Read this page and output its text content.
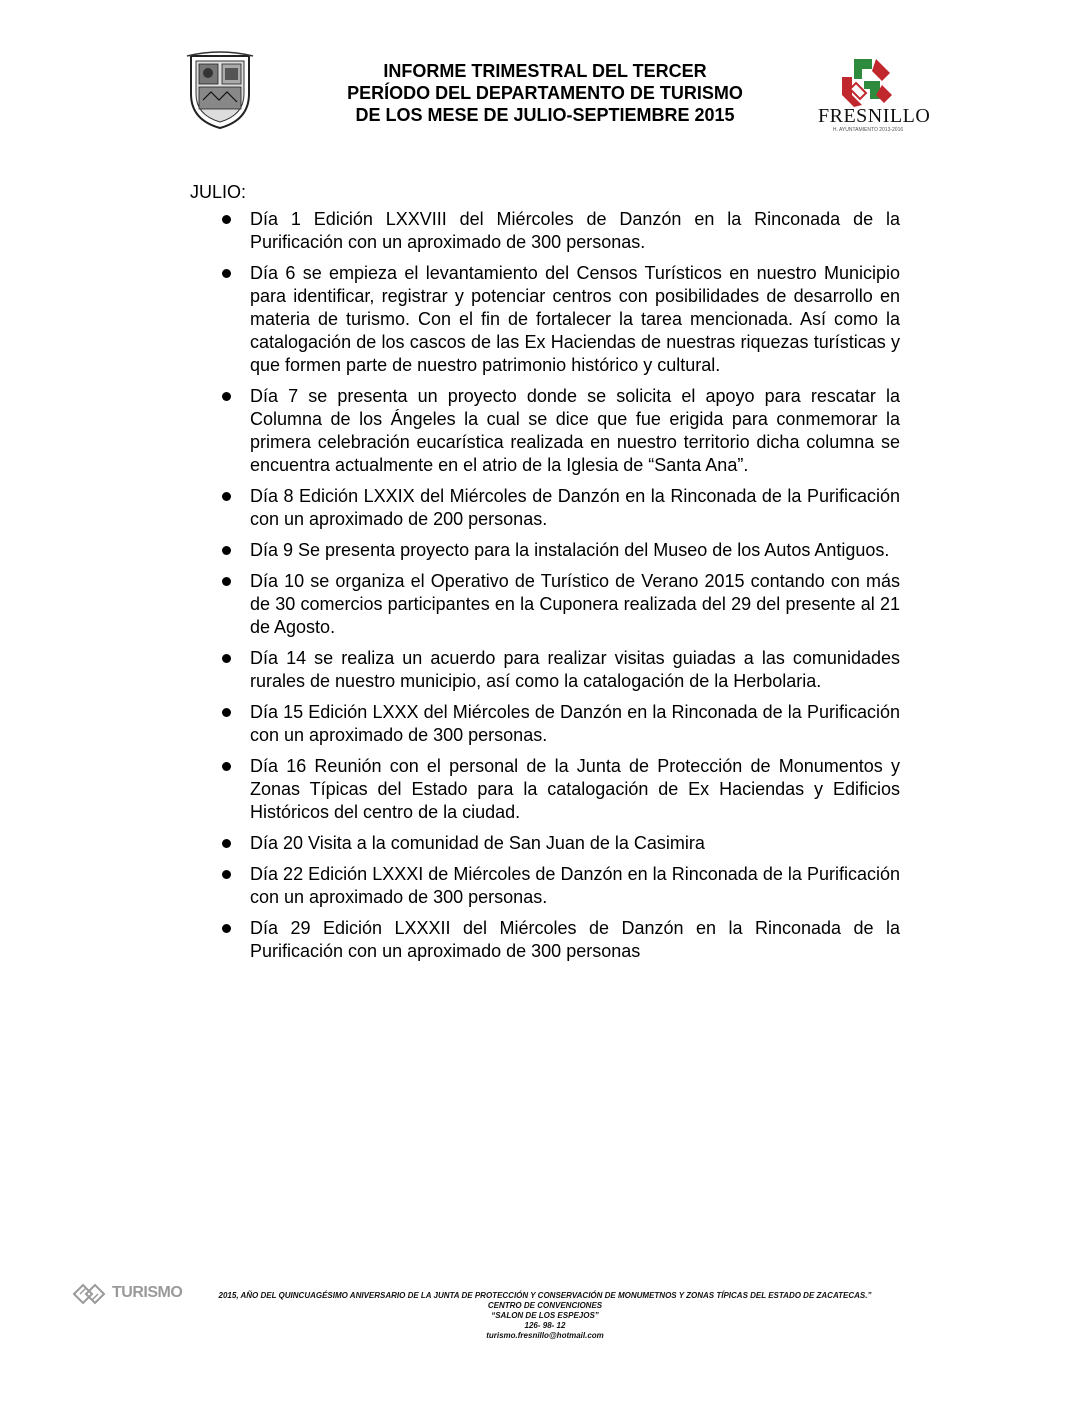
INFORME TRIMESTRAL DEL TERCER
PERÍODO DEL DEPARTAMENTO DE TURISMO
DE LOS MESE DE JULIO-SEPTIEMBRE 2015	FRESNILLO
H. AYUNTAMIENTO 2013-2016
JULIO:
Día 1 Edición LXXVIII del Miércoles de Danzón en la Rinconada de la Purificación con un aproximado de 300 personas.
Día 6 se empieza el levantamiento del Censos Turísticos en nuestro Municipio para identificar, registrar y potenciar centros con posibilidades de desarrollo en materia de turismo. Con el fin de fortalecer la tarea mencionada. Así como la catalogación de los cascos de las Ex Haciendas de nuestras riquezas turísticas y que formen parte de nuestro patrimonio histórico y cultural.
Día 7 se presenta un proyecto donde se solicita el apoyo para rescatar la Columna de los Ángeles la cual se dice que fue erigida para conmemorar la primera celebración eucarística realizada en nuestro territorio dicha columna se encuentra actualmente en el atrio de la Iglesia de “Santa Ana”.
Día 8 Edición LXXIX del Miércoles de Danzón en la Rinconada de la Purificación con un aproximado de 200 personas.
Día 9 Se presenta proyecto para la instalación del Museo de los Autos Antiguos.
Día 10 se organiza el Operativo de Turístico de Verano 2015 contando con más de 30 comercios participantes en la Cuponera realizada del 29 del presente al 21 de Agosto.
Día 14 se realiza un acuerdo para realizar visitas guiadas a las comunidades rurales de nuestro municipio, así como la catalogación de la Herbolaria.
Día 15 Edición LXXX del Miércoles de Danzón en la Rinconada de la Purificación con un aproximado de 300 personas.
Día 16 Reunión con el personal de la Junta de Protección de Monumentos y Zonas Típicas del Estado para la catalogación de Ex Haciendas y Edificios Históricos del centro de la ciudad.
Día 20 Visita a la comunidad de San Juan de la Casimira
Día 22 Edición LXXXI de Miércoles de Danzón en la Rinconada de la Purificación con un aproximado de 300 personas.
Día 29 Edición LXXXII del Miércoles de Danzón en la Rinconada de la Purificación con un aproximado de 300 personas
TURISMO	2015, AÑO DEL QUINCUAGÉSIMO ANIVERSARIO DE LA JUNTA DE PROTECCIÓN Y CONSERVACIÓN DE MONUMETNOS Y ZONAS TÍPICAS DEL ESTADO DE ZACATECAS.”
CENTRO DE CONVENCIONES
“SALON DE LOS ESPEJOS”
126- 98- 12
turismo.fresnillo@hotmail.com
